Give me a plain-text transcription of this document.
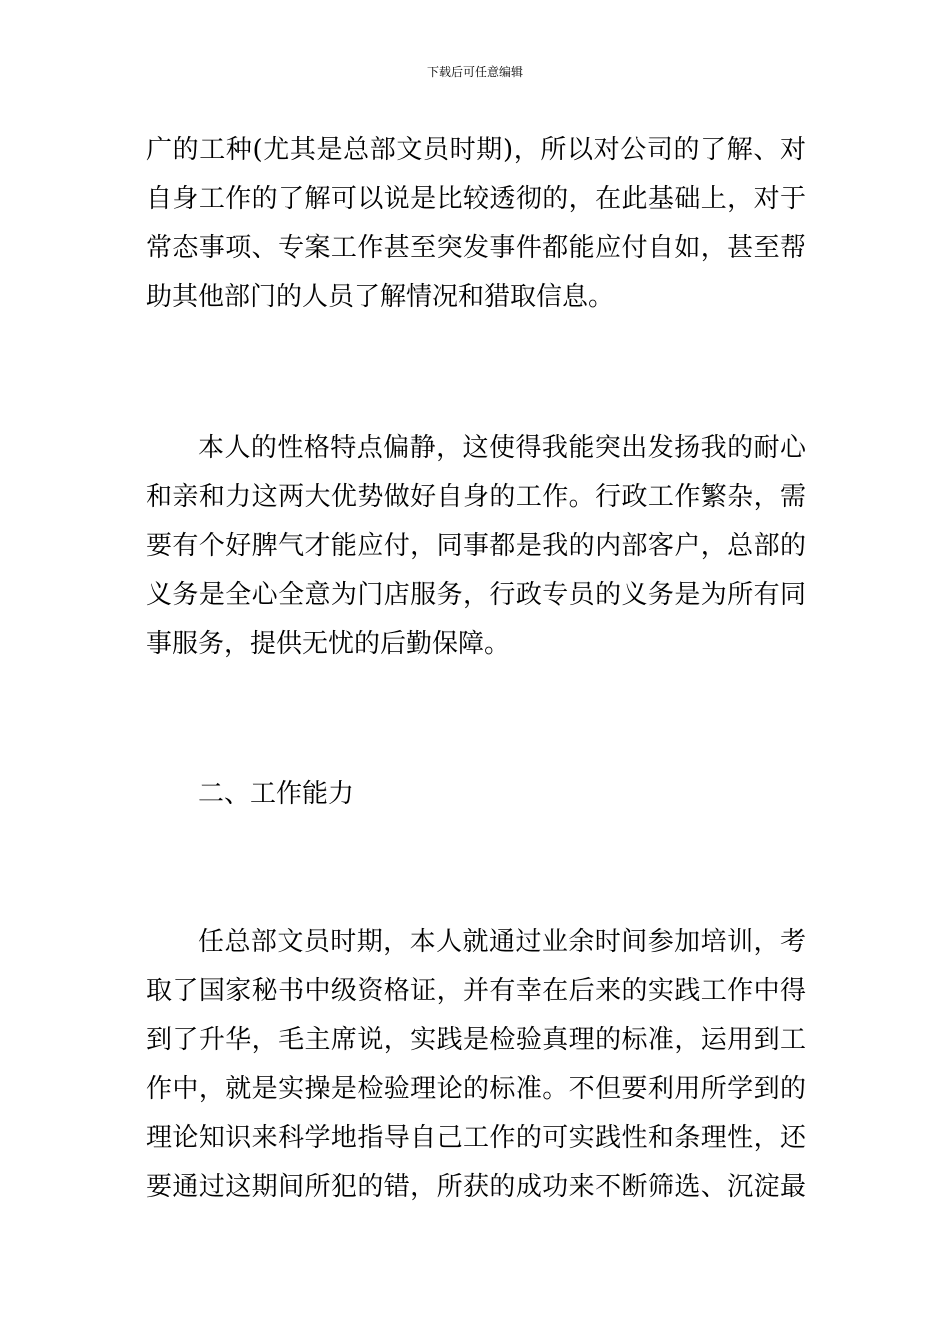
下载后可任意编辑
广的工种(尤其是总部文员时期)，所以对公司的了解、对
自身工作的了解可以说是比较透彻的，在此基础上，对于
常态事项、专案工作甚至突发事件都能应付自如，甚至帮
助其他部门的人员了解情况和猎取信息。
本人的性格特点偏静，这使得我能突出发扬我的耐心
和亲和力这两大优势做好自身的工作。行政工作繁杂，需
要有个好脾气才能应付，同事都是我的内部客户，总部的
义务是全心全意为门店服务，行政专员的义务是为所有同
事服务，提供无忧的后勤保障。
二、工作能力
任总部文员时期，本人就通过业余时间参加培训，考
取了国家秘书中级资格证，并有幸在后来的实践工作中得
到了升华，毛主席说，实践是检验真理的标准，运用到工
作中，就是实操是检验理论的标准。不但要利用所学到的
理论知识来科学地指导自己工作的可实践性和条理性，还
要通过这期间所犯的错，所获的成功来不断筛选、沉淀最
